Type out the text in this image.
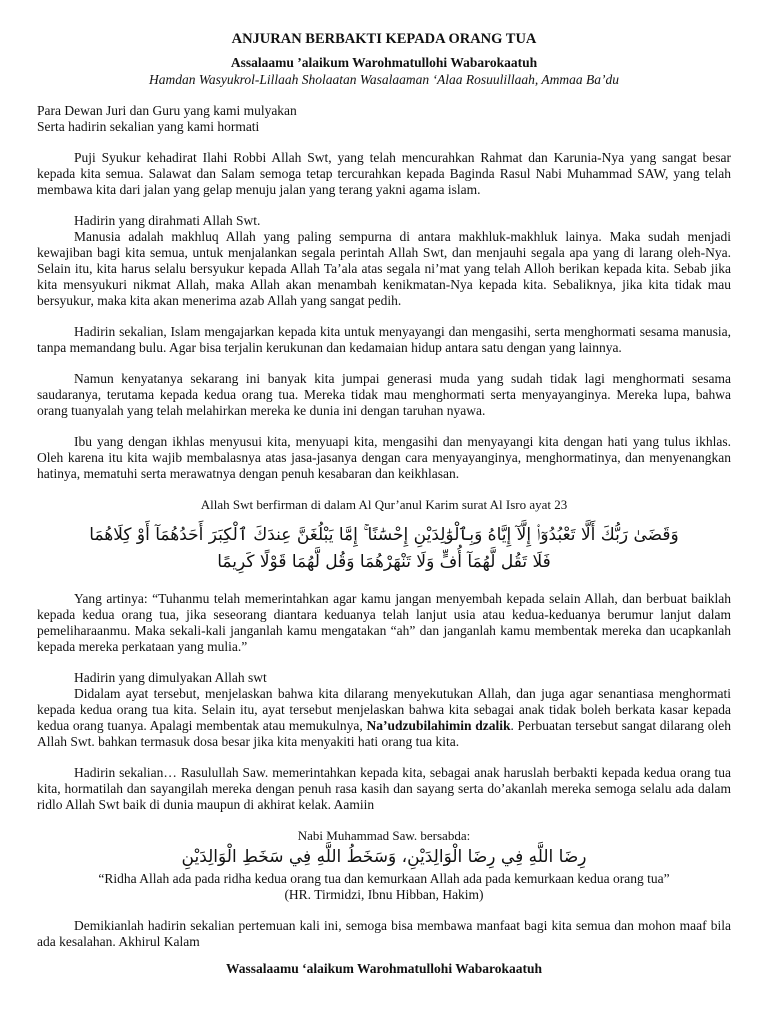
ANJURAN BERBAKTI KEPADA ORANG TUA
Assalaamu ’alaikum Warohmatullohi Wabarokaatuh
Hamdan Wasyukrol-Lillaah Sholaatan Wasalaaman ‘Alaa Rosuulillaah, Ammaa Ba’du

Para Dewan Juri dan Guru yang kami mulyakan

Serta hadirin sekalian yang kami hormati

Puji Syukur kehadirat Ilahi Robbi Allah Swt, yang telah mencurahkan Rahmat dan Karunia-Nya yang sangat besar kepada kita semua. Salawat dan Salam semoga tetap tercurahkan kepada Baginda Rasul Nabi Muhammad SAW, yang telah membawa kita dari jalan yang gelap menuju jalan yang terang yakni agama islam.

Hadirin yang dirahmati Allah Swt.

Manusia adalah makhluq Allah yang paling sempurna di antara makhluk-makhluk lainya. Maka sudah menjadi kewajiban bagi kita semua, untuk menjalankan segala perintah Allah Swt, dan menjauhi segala apa yang di larang oleh-Nya. Selain itu, kita harus selalu bersyukur kepada Allah Ta’ala atas segala ni’mat yang telah Alloh berikan kepada kita. Sebab jika kita mensyukuri nikmat Allah, maka Allah akan menambah kenikmatan-Nya kepada kita. Sebaliknya, jika kita tidak mau bersyukur, maka kita akan menerima azab Allah yang sangat pedih.

Hadirin sekalian, Islam mengajarkan kepada kita untuk menyayangi dan mengasihi, serta menghormati sesama manusia, tanpa memandang bulu. Agar bisa terjalin kerukunan dan kedamaian hidup antara satu dengan yang lainnya.

Namun kenyatanya sekarang ini banyak kita jumpai generasi muda yang sudah tidak lagi menghormati sesama saudaranya, terutama kepada kedua orang tua. Mereka tidak mau menghormati serta menyayanginya. Mereka lupa, bahwa orang tuanyalah yang telah melahirkan mereka ke dunia ini dengan taruhan nyawa.

Ibu yang dengan ikhlas menyusui kita, menyuapi kita, mengasihi dan menyayangi kita dengan hati yang tulus ikhlas. Oleh karena itu kita wajib membalasnya atas jasa-jasanya dengan cara menyayanginya, menghormatinya, dan menyenangkan hatinya, mematuhi serta merawatnya dengan penuh kesabaran dan keikhlasan.

Allah Swt berfirman di dalam Al Qur’anul Karim surat Al Isro ayat 23

وَقَضَىٰ رَبُّكَ أَلَّا تَعْبُدُوٓا۟ إِلَّآ إِيَّاهُ وَبِٱلْوَٰلِدَيْنِ إِحْسَٰنًا ۚ إِمَّا يَبْلُغَنَّ عِندَكَ ٱلْكِبَرَ أَحَدُهُمَآ أَوْ كِلَاهُمَا

فَلَا تَقُل لَّهُمَآ أُفٍّ وَلَا تَنْهَرْهُمَا وَقُل لَّهُمَا قَوْلًا كَرِيمًا

Yang artinya: “Tuhanmu telah memerintahkan agar kamu jangan menyembah kepada selain Allah, dan berbuat baiklah kepada kedua orang tua, jika seseorang diantara keduanya telah lanjut usia atau kedua-keduanya berumur lanjut dalam pemeliharaanmu. Maka sekali-kali janganlah kamu mengatakan “ah” dan janganlah kamu membentak mereka dan ucapkanlah kepada mereka perkataan yang mulia.”

Hadirin yang dimulyakan Allah swt

Didalam ayat tersebut, menjelaskan bahwa kita dilarang menyekutukan Allah, dan juga agar senantiasa menghormati kepada kedua orang tua kita. Selain itu, ayat tersebut menjelaskan bahwa kita sebagai anak tidak boleh berkata kasar kepada kedua orang tuanya. Apalagi membentak atau memukulnya, Na’udzubilahimin dzalik. Perbuatan tersebut sangat dilarang oleh Allah Swt. bahkan termasuk dosa besar jika kita menyakiti hati orang tua kita.

Hadirin sekalian… Rasulullah Saw. memerintahkan kepada kita, sebagai anak haruslah berbakti kepada kedua orang tua kita, hormatilah dan sayangilah mereka dengan penuh rasa kasih dan sayang serta do’akanlah mereka semoga selalu ada dalam ridlo Allah Swt baik di dunia maupun di akhirat kelak. Aamiin

Nabi Muhammad Saw. bersabda:

رِضَا اللَّهِ فِي رِضَا الْوَالِدَيْنِ، وَسَخَطُ اللَّهِ فِي سَخَطِ الْوَالِدَيْنِ

“Ridha Allah ada pada ridha kedua orang tua dan kemurkaan Allah ada pada kemurkaan kedua orang tua”

(HR. Tirmidzi, Ibnu Hibban, Hakim)

Demikianlah hadirin sekalian pertemuan kali ini, semoga bisa membawa manfaat bagi kita semua dan mohon maaf bila ada kesalahan. Akhirul Kalam

Wassalaamu ‘alaikum Warohmatullohi Wabarokaatuh
